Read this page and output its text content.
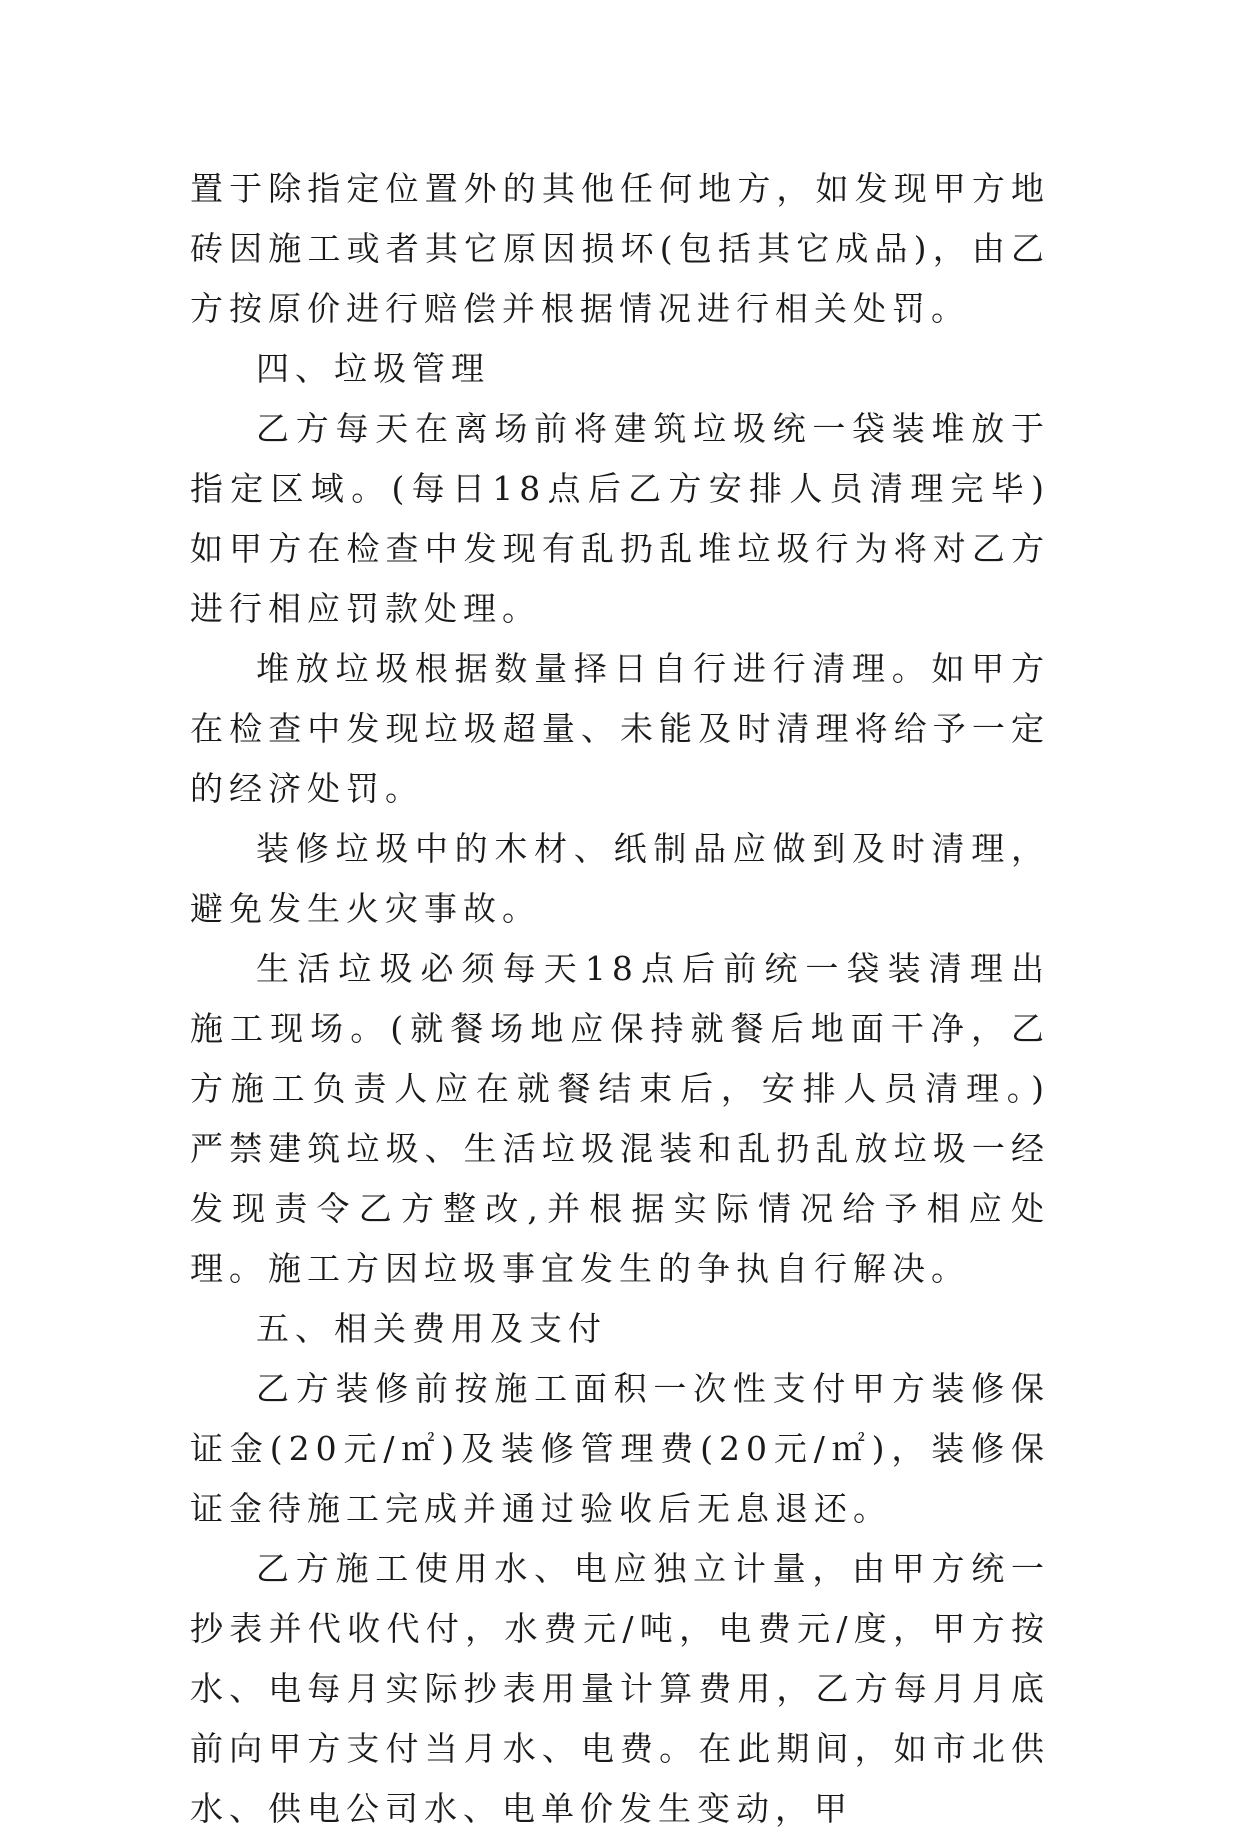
置于除指定位置外的其他任何地方，如发现甲方地砖因施工或者其它原因损坏(包括其它成品)，由乙方按原价进行赔偿并根据情况进行相关处罚。

四、垃圾管理

乙方每天在离场前将建筑垃圾统一袋装堆放于指定区域。(每日18点后乙方安排人员清理完毕)如甲方在检查中发现有乱扔乱堆垃圾行为将对乙方进行相应罚款处理。

堆放垃圾根据数量择日自行进行清理。如甲方在检查中发现垃圾超量、未能及时清理将给予一定的经济处罚。

装修垃圾中的木材、纸制品应做到及时清理，避免发生火灾事故。

生活垃圾必须每天18点后前统一袋装清理出施工现场。(就餐场地应保持就餐后地面干净，乙方施工负责人应在就餐结束后，安排人员清理。)严禁建筑垃圾、生活垃圾混装和乱扔乱放垃圾一经发现责令乙方整改,并根据实际情况给予相应处理。施工方因垃圾事宜发生的争执自行解决。

五、相关费用及支付

乙方装修前按施工面积一次性支付甲方装修保证金(20元/㎡)及装修管理费(20元/㎡)，装修保证金待施工完成并通过验收后无息退还。

乙方施工使用水、电应独立计量，由甲方统一抄表并代收代付，水费元/吨，电费元/度，甲方按水、电每月实际抄表用量计算费用，乙方每月月底前向甲方支付当月水、电费。在此期间，如市北供水、供电公司水、电单价发生变动，甲
